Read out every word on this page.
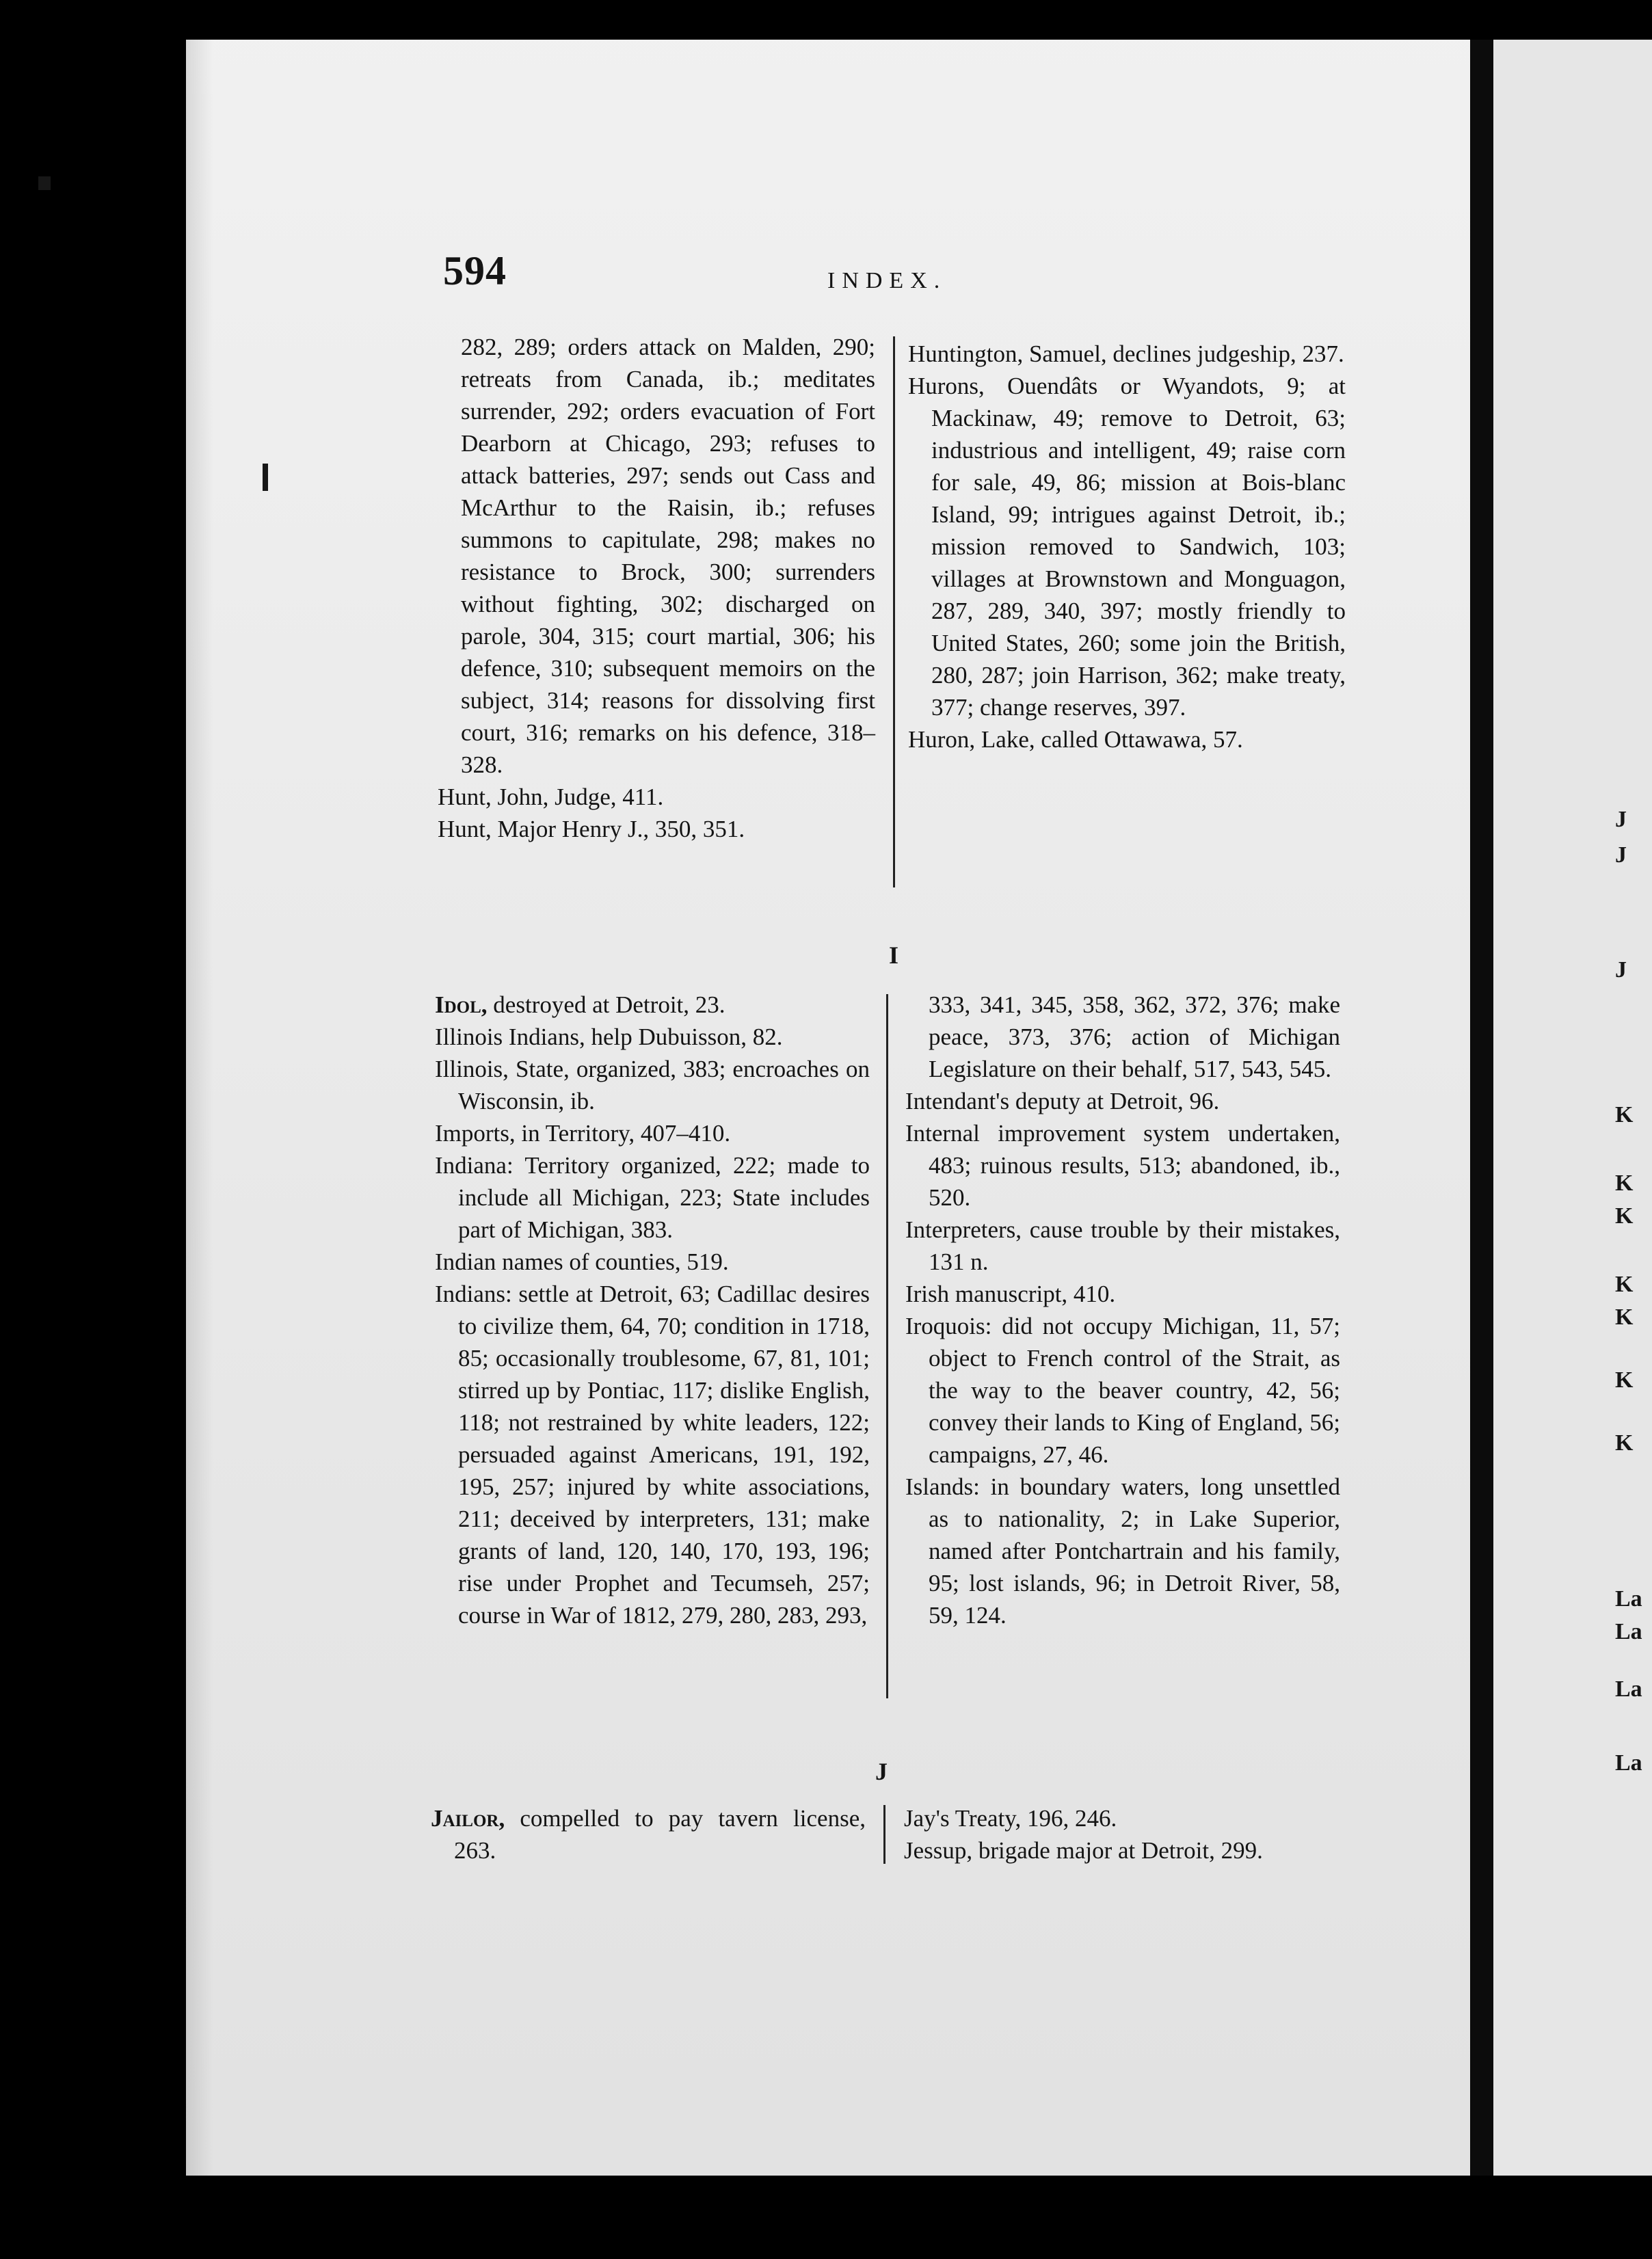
J
J
J
K
K
K
K
K
K
K
La
La
La
La
594	INDEX.
282, 289; orders attack on Malden, 290; retreats from Canada, ib.; meditates surrender, 292; orders evacuation of Fort Dearborn at Chicago, 293; refuses to attack batteries, 297; sends out Cass and McArthur to the Raisin, ib.; refuses summons to capitulate, 298; makes no resistance to Brock, 300; surrenders without fighting, 302; discharged on parole, 304, 315; court martial, 306; his defence, 310; subsequent memoirs on the subject, 314; reasons for dissolving first court, 316; remarks on his defence, 318–328.
Hunt, John, Judge, 411.
Hunt, Major Henry J., 350, 351.
Huntington, Samuel, declines judgeship, 237.
Hurons, Ouendâts or Wyandots, 9; at Mackinaw, 49; remove to Detroit, 63; industrious and intelligent, 49; raise corn for sale, 49, 86; mission at Bois-blanc Island, 99; intrigues against Detroit, ib.; mission removed to Sandwich, 103; villages at Brownstown and Monguagon, 287, 289, 340, 397; mostly friendly to United States, 260; some join the British, 280, 287; join Harrison, 362; make treaty, 377; change reserves, 397.
Huron, Lake, called Ottawawa, 57.
I
Idol, destroyed at Detroit, 23.
Illinois Indians, help Dubuisson, 82.
Illinois, State, organized, 383; encroaches on Wisconsin, ib.
Imports, in Territory, 407–410.
Indiana: Territory organized, 222; made to include all Michigan, 223; State includes part of Michigan, 383.
Indian names of counties, 519.
Indians: settle at Detroit, 63; Cadillac desires to civilize them, 64, 70; condition in 1718, 85; occasionally troublesome, 67, 81, 101; stirred up by Pontiac, 117; dislike English, 118; not restrained by white leaders, 122; persuaded against Americans, 191, 192, 195, 257; injured by white associations, 211; deceived by interpreters, 131; make grants of land, 120, 140, 170, 193, 196; rise under Prophet and Tecumseh, 257; course in War of 1812, 279, 280, 283, 293,
333, 341, 345, 358, 362, 372, 376; make peace, 373, 376; action of Michigan Legislature on their behalf, 517, 543, 545.
Intendant's deputy at Detroit, 96.
Internal improvement system undertaken, 483; ruinous results, 513; abandoned, ib., 520.
Interpreters, cause trouble by their mistakes, 131 n.
Irish manuscript, 410.
Iroquois: did not occupy Michigan, 11, 57; object to French control of the Strait, as the way to the beaver country, 42, 56; convey their lands to King of England, 56; campaigns, 27, 46.
Islands: in boundary waters, long unsettled as to nationality, 2; in Lake Superior, named after Pontchartrain and his family, 95; lost islands, 96; in Detroit River, 58, 59, 124.
J
Jailor, compelled to pay tavern license, 263.
Jay's Treaty, 196, 246.
Jessup, brigade major at Detroit, 299.
